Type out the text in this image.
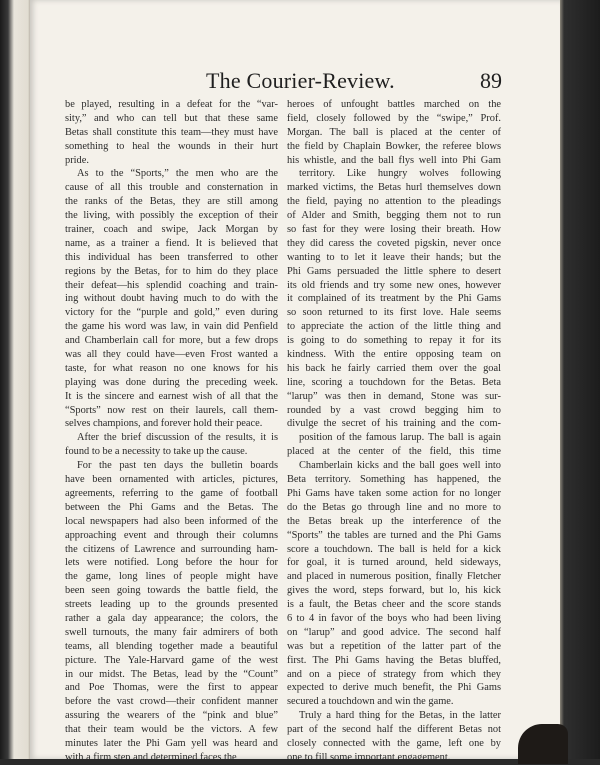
The Courier-Review.	89
be played, resulting in a defeat for the “var-
sity,” and who can tell but that these same
Betas shall constitute this team—they must have
something to heal the wounds in their hurt
pride.
As to the “Sports,” the men who are the
cause of all this trouble and consternation in
the ranks of the Betas, they are still among
the living, with possibly the exception of their
trainer, coach and swipe, Jack Morgan by
name, as a trainer a fiend. It is believed that
this individual has been transferred to other
regions by the Betas, for to him do they place
their defeat—his splendid coaching and train-
ing without doubt having much to do with the
victory for the “purple and gold,” even during
the game his word was law, in vain did Penfield
and Chamberlain call for more, but a few drops
was all they could have—even Frost wanted a
taste, for what reason no one knows for his
playing was done during the preceding week.
It is the sincere and earnest wish of all that the
“Sports” now rest on their laurels, call them-
selves champions, and forever hold their peace.
After the brief discussion of the results, it is
found to be a necessity to take up the cause.
For the past ten days the bulletin boards
have been ornamented with articles, pictures,
agreements, referring to the game of football
between the Phi Gams and the Betas. The
local newspapers had also been informed of the
approaching event and through their columns
the citizens of Lawrence and surrounding ham-
lets were notified. Long before the hour for
the game, long lines of people might have
been seen going towards the battle field, the
streets leading up to the grounds presented
rather a gala day appearance; the colors, the
swell turnouts, the many fair admirers of both
teams, all blending together made a beautiful
picture. The Yale-Harvard game of the west
in our midst. The Betas, lead by the “Count”
and Poe Thomas, were the first to appear
before the vast crowd—their confident manner
assuring the wearers of the “pink and blue”
that their team would be the victors. A few
minutes later the Phi Gam yell was heard and
with a firm step and determined faces the
heroes of unfought battles marched on the
field, closely followed by the “swipe,” Prof.
Morgan. The ball is placed at the center of
the field by Chaplain Bowker, the referee blows
his whistle, and the ball flys well into Phi Gam
territory. Like hungry wolves following
marked victims, the Betas hurl themselves down
the field, paying no attention to the pleadings
of Alder and Smith, begging them not to run
so fast for they were losing their breath. How
they did caress the coveted pigskin, never once
wanting to to let it leave their hands; but the
Phi Gams persuaded the little sphere to desert
its old friends and try some new ones, however
it complained of its treatment by the Phi Gams
so soon returned to its first love. Hale seems
to appreciate the action of the little thing and
is going to do something to repay it for its
kindness. With the entire opposing team on
his back he fairly carried them over the goal
line, scoring a touchdown for the Betas. Beta
“larup” was then in demand, Stone was sur-
rounded by a vast crowd begging him to
divulge the secret of his training and the com-
position of the famous larup. The ball is again
placed at the center of the field, this time
Chamberlain kicks and the ball goes well into
Beta territory. Something has happened, the
Phi Gams have taken some action for no longer
do the Betas go through line and no more to
the Betas break up the interference of the
“Sports” the tables are turned and the Phi Gams
score a touchdown. The ball is held for a kick
for goal, it is turned around, held sideways,
and placed in numerous position, finally Fletcher
gives the word, steps forward, but lo, his kick
is a fault, the Betas cheer and the score stands
6 to 4 in favor of the boys who had been living
on “larup” and good advice. The second half
was but a repetition of the latter part of the
first. The Phi Gams having the Betas bluffed,
and on a piece of strategy from which they
expected to derive much benefit, the Phi Gams
secured a touchdown and win the game.
Truly a hard thing for the Betas, in the latter
part of the second half the different Betas not
closely connected with the game, left one by
one to fill some important engagement.
